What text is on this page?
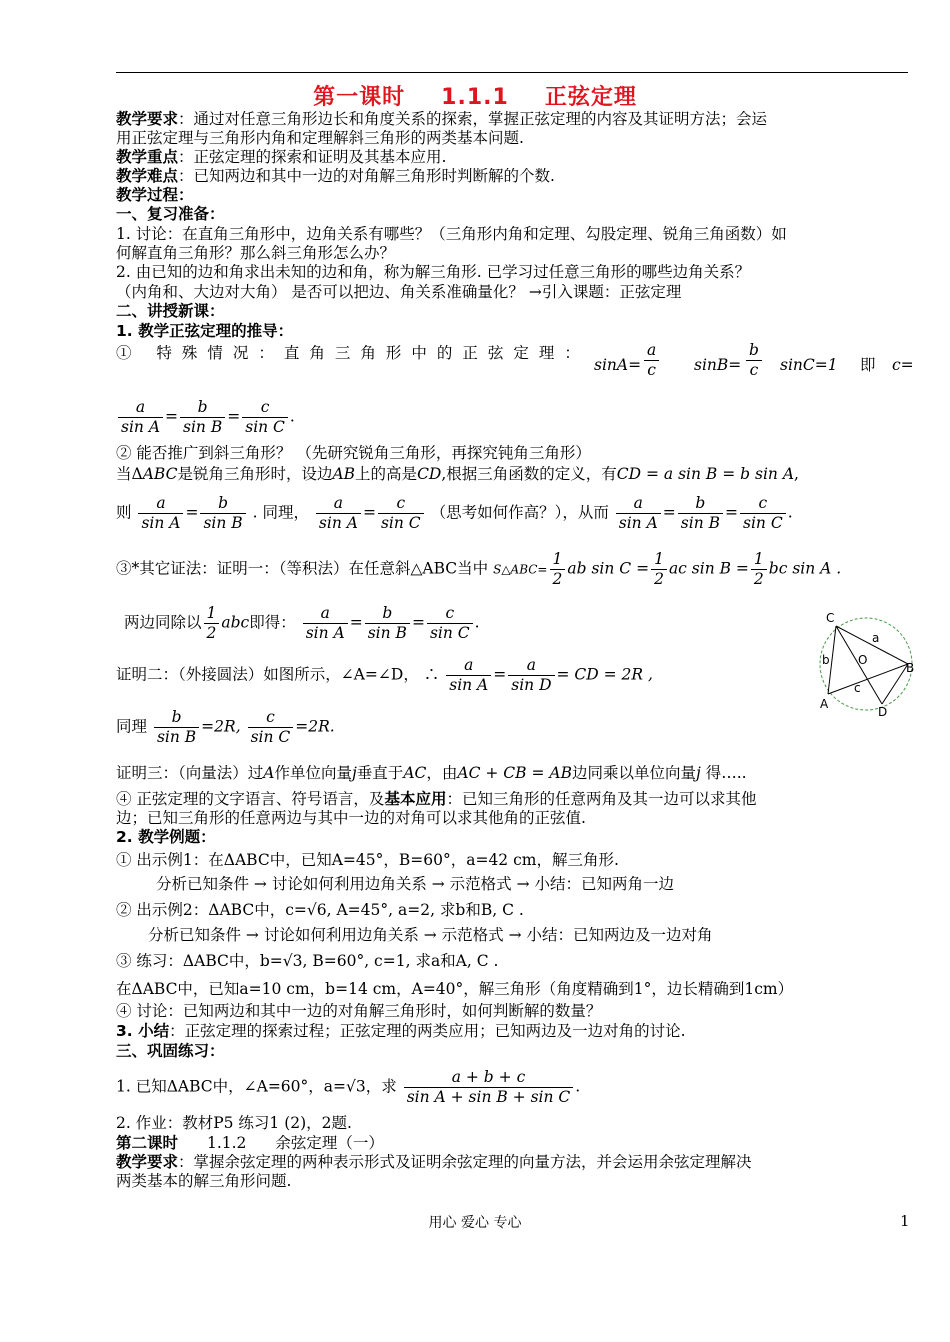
第一课时 1.1.1 正弦定理
教学要求：通过对任意三角形边长和角度关系的探索，掌握正弦定理的内容及其证明方法；会运
用正弦定理与三角形内角和定理解斜三角形的两类基本问题.
教学重点：正弦定理的探索和证明及其基本应用.
教学难点：已知两边和其中一边的对角解三角形时判断解的个数.
教学过程：
一、复习准备：
1. 讨论：在直角三角形中，边角关系有哪些？（三角形内角和定理、勾股定理、锐角三角函数）如
何解直角三角形？那么斜三角形怎么办？
2. 由已知的边和角求出未知的边和角，称为解三角形. 已学习过任意三角形的哪些边角关系？
（内角和、大边对大角） 是否可以把边、角关系准确量化？ →引入课题：正弦定理
二、讲授新课：
1. 教学正弦定理的推导：
① 特殊情况：直角三角形中的正弦定理：
$\sin A= \frac{a}{c} \sin B= \frac{b}{c} \sin C=1$ 即 c=
$\frac{a}{\text{sin A}} = \frac{b}{\text{sin B}} = \frac{c}{\text{sin C}}$ .
② 能否推广到斜三角形？ （先研究锐角三角形，再探究钝角三角形）
当ΔABC是锐角三角形时，设边AB上的高是CD,根据三角函数的定义，有CD = a sin B = b sin A,
则 $\frac{a}{\text{sin A}} = \frac{b}{\text{sin B}}$ . 同理， $\frac{a}{\text{sin A}} = \frac{c}{\text{sin C}}$ （思考如何作高？），从而 $\frac{a}{\text{sin A}} = \frac{b}{\text{sin B}} = \frac{c}{\text{sin C}}$ .
③*其它证法：证明一：（等积法）在任意斜△ABC当中 S△ABC= $\frac{1}{2}$ ab $\sin C = \frac{1}{2}$ ac $\sin B = \frac{1}{2}$ bc sin A .
两边同除以 $\frac{1}{2}$ abc即得： $\frac{a}{\text{sin A}} = \frac{b}{\text{sin B}} = \frac{c}{\text{sin C}}$ .
证明二：（外接圆法）如图所示，∠A=∠D， ∴ $\frac{a}{\text{sin A}} = \frac{a}{\text{sin D}}$ = CD = 2R ,
同理 $\frac{b}{\text{sin B}} =2R$, $\frac{c}{\text{sin C}} =2R$.
C
a
b O
B
c
A
D
证明三：（向量法）过A作单位向量j垂直于AC，由AC + CB = AB边同乘以单位向量j 得…..
④ 正弦定理的文字语言、符号语言，及基本应用：已知三角形的任意两角及其一边可以求其他
边；已知三角形的任意两边与其中一边的对角可以求其他角的正弦值.
2. 教学例题：
① 出示例1：在ΔABC中，已知A=45°，B=60°，a=42 cm，解三角形.
分析已知条件 → 讨论如何利用边角关系 → 示范格式 → 小结：已知两角一边
② 出示例2：ΔABC中，c=√6, A=45°, a=2, 求b和B, C .
分析已知条件 → 讨论如何利用边角关系 → 示范格式 → 小结：已知两边及一边对角
③ 练习：ΔABC中，b=√3, B=60°, c=1, 求a和A, C .
在ΔABC中，已知a=10 cm，b=14 cm，A=40°，解三角形（角度精确到1°，边长精确到1cm）
④ 讨论：已知两边和其中一边的对角解三角形时，如何判断解的数量？
3. 小结：正弦定理的探索过程；正弦定理的两类应用；已知两边及一边对角的讨论.
三、巩固练习：
1. 已知ΔABC中，∠A=60°，a=√3，求 $\frac{a + b + c}{\text{sin A + sin B + sin C}}$ .
2. 作业：教材P5 练习1 (2)，2题.
第二课时 1.1.2 余弦定理（一）
教学要求：掌握余弦定理的两种表示形式及证明余弦定理的向量方法，并会运用余弦定理解决
两类基本的解三角形问题.
用心 爱心 专心	1
